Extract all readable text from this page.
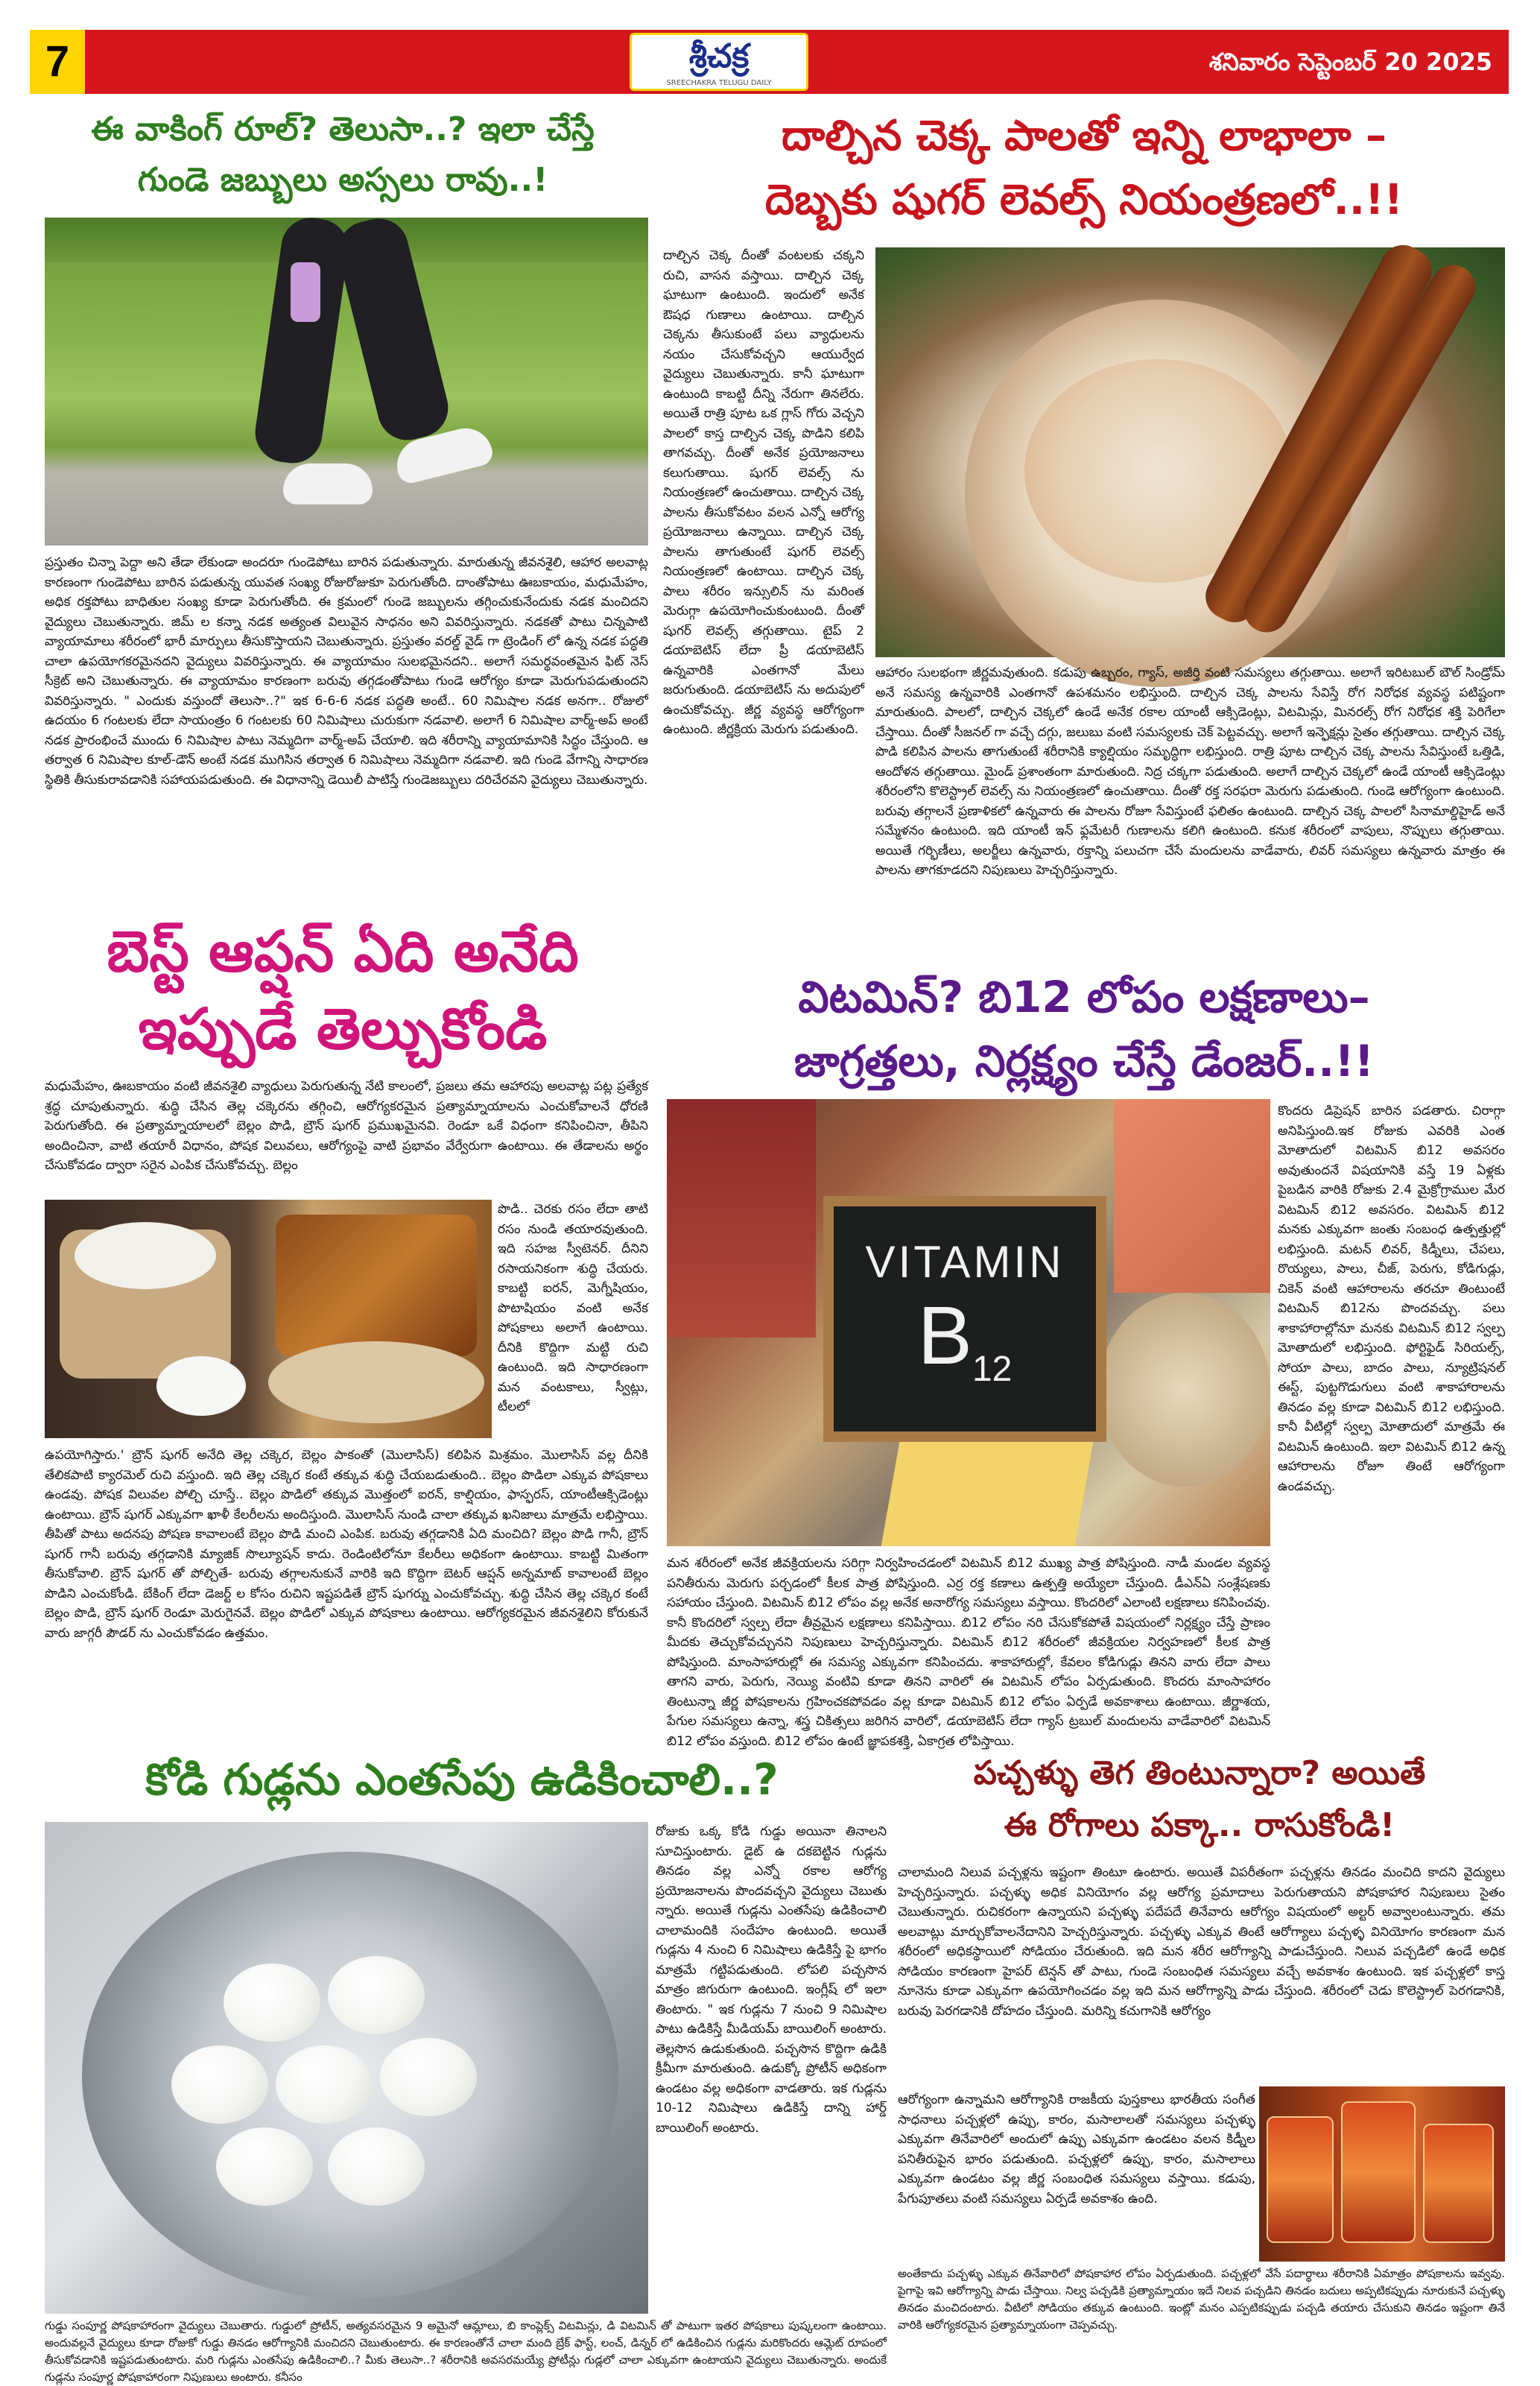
7	శ్రీచక్ర
SREECHAKRA TELUGU DAILY
శనివారం సెప్టెంబర్ 20 2025
ఈ వాకింగ్ రూల్? తెలుసా..? ఇలా చేస్తే
గుండె జబ్బులు అస్సలు రావు..!
ప్రస్తుతం చిన్నా పెద్దా అని తేడా లేకుండా అందరూ గుండెపోటు బారిన పడుతున్నారు. మారుతున్న జీవనశైలి, ఆహార అలవాట్ల కారణంగా గుండెపోటు బారిన పడుతున్న యువత సంఖ్య రోజురోజుకూ పెరుగుతోంది. దాంతోపాటు ఊబకాయం, మధుమేహం, అధిక రక్తపోటు బాధితుల సంఖ్య కూడా పెరుగుతోంది. ఈ క్రమంలో గుండె జబ్బులను తగ్గించుకునేందుకు నడక మంచిదని వైద్యులు చెబుతున్నారు. జిమ్ ల కన్నా నడక అత్యంత విలువైన సాధనం అని వివరిస్తున్నారు. నడకతో పాటు చిన్నపాటి వ్యాయామాలు శరీరంలో భారీ మార్పులు తీసుకొస్తాయని చెబుతున్నారు. ప్రస్తుతం వరల్డ్ వైడ్ గా ట్రెండింగ్ లో ఉన్న నడక పద్ధతి చాలా ఉపయోగకరమైనదని వైద్యులు వివరిస్తున్నారు. ఈ వ్యాయామం సులభమైనదని.. అలాగే సమర్థవంతమైన ఫిట్ నెస్ సీక్రెట్ అని చెబుతున్నారు. ఈ వ్యాయామం కారణంగా బరువు తగ్గడంతోపాటు గుండె ఆరోగ్యం కూడా మెరుగుపడుతుందని వివరిస్తున్నారు. " ఎందుకు వస్తుందో తెలుసా..?" ఇక 6-6-6 నడక పద్ధతి అంటే.. 60 నిమిషాల నడక అనగా.. రోజులో ఉదయం 6 గంటలకు లేదా సాయంత్రం 6 గంటలకు 60 నిమిషాలు చురుకుగా నడవాలి. అలాగే 6 నిమిషాల వార్మ్-అప్ అంటే నడక ప్రారంభించే ముందు 6 నిమిషాల పాటు నెమ్మదిగా వార్మ్-అప్ చేయాలి. ఇది శరీరాన్ని వ్యాయామానికి సిద్ధం చేస్తుంది. ఆ తర్వాత 6 నిమిషాల కూల్-డౌన్ అంటే నడక ముగిసిన తర్వాత 6 నిమిషాలు నెమ్మదిగా నడవాలి. ఇది గుండె వేగాన్ని సాధారణ స్థితికి తీసుకురావడానికి సహాయపడుతుంది. ఈ విధానాన్ని డెయిలీ పాటిస్తే గుండెజబ్బులు దరిచేరవని వైద్యులు చెబుతున్నారు.
దాల్చిన చెక్క పాలతో ఇన్ని లాభాలా –
దెబ్బకు షుగర్ లెవల్స్ నియంత్రణలో..!!
దాల్చిన చెక్క దీంతో వంటలకు చక్కని రుచి, వాసన వస్తాయి. దాల్చిన చెక్క ఘాటుగా ఉంటుంది. ఇందులో అనేక ఔషధ గుణాలు ఉంటాయి. దాల్చిన చెక్కను తీసుకుంటే పలు వ్యాధులను నయం చేసుకోవచ్చని ఆయుర్వేద వైద్యులు చెబుతున్నారు. కానీ ఘాటుగా ఉంటుంది కాబట్టి దీన్ని నేరుగా తినలేరు. అయితే రాత్రి పూట ఒక గ్లాస్ గోరు వెచ్చని పాలలో కాస్త దాల్చిన చెక్క పొడిని కలిపి తాగవచ్చు. దీంతో అనేక ప్రయోజనాలు కలుగుతాయి. షుగర్ లెవల్స్ ను నియంత్రణలో ఉంచుతాయి. దాల్చిన చెక్క పాలను తీసుకోవటం వలన ఎన్నో ఆరోగ్య ప్రయోజనాలు ఉన్నాయి. దాల్చిన చెక్క పాలను తాగుతుంటే షుగర్ లెవల్స్ నియంత్రణలో ఉంటాయి. దాల్చిన చెక్క పాలు శరీరం ఇన్సులిన్ ను మరింత మెరుగ్గా ఉపయోగించుకుంటుంది. దీంతో షుగర్ లెవల్స్ తగ్గుతాయి. టైప్ 2 డయాబెటిస్ లేదా ప్రీ డయాబెటిస్ ఉన్నవారికి ఎంతగానో మేలు జరుగుతుంది. డయాబెటిస్ ను అదుపులో ఉంచుకోవచ్చు. జీర్ణ వ్యవస్థ ఆరోగ్యంగా ఉంటుంది. జీర్ణక్రియ మెరుగు పడుతుంది.
ఆహారం సులభంగా జీర్ణమవుతుంది. కడుపు ఉబ్బరం, గ్యాస్, అజీర్తి వంటి సమస్యలు తగ్గుతాయి. అలాగే ఇరిటబుల్ బౌల్ సిండ్రోమ్ అనే సమస్య ఉన్నవారికి ఎంతగానో ఉపశమనం లభిస్తుంది. దాల్చిన చెక్క పాలను సేవిస్తే రోగ నిరోధక వ్యవస్థ పటిష్టంగా మారుతుంది. పాలలో, దాల్చిన చెక్కలో ఉండే అనేక రకాల యాంటీ ఆక్సిడెంట్లు, విటమిన్లు, మినరల్స్ రోగ నిరోధక శక్తి పెరిగేలా చేస్తాయి. దీంతో సీజనల్ గా వచ్చే దగ్గు, జలుబు వంటి సమస్యలకు చెక్ పెట్టవచ్చు. అలాగే ఇన్ఫెక్షన్లు సైతం తగ్గుతాయి. దాల్చిన చెక్క పొడి కలిపిన పాలను తాగుతుంటే శరీరానికి క్యాల్షియం సమృద్ధిగా లభిస్తుంది. రాత్రి పూట దాల్చిన చెక్క పాలను సేవిస్తుంటే ఒత్తిడి, ఆందోళన తగ్గుతాయి. మైండ్ ప్రశాంతంగా మారుతుంది. నిద్ర చక్కగా పడుతుంది. అలాగే దాల్చిన చెక్కలో ఉండే యాంటీ ఆక్సిడెంట్లు శరీరంలోని కొలెస్ట్రాల్ లెవల్స్ ను నియంత్రణలో ఉంచుతాయి. దీంతో రక్త సరఫరా మెరుగు పడుతుంది. గుండె ఆరోగ్యంగా ఉంటుంది. బరువు తగ్గాలనే ప్రణాళికలో ఉన్నవారు ఈ పాలను రోజూ సేవిస్తుంటే ఫలితం ఉంటుంది. దాల్చిన చెక్క పాలలో సినామాల్డిహైడ్ అనే సమ్మేళనం ఉంటుంది. ఇది యాంటీ ఇన్ ఫ్లమేటరీ గుణాలను కలిగి ఉంటుంది. కనుక శరీరంలో వాపులు, నొప్పులు తగ్గుతాయి. అయితే గర్భిణీలు, అలర్జీలు ఉన్నవారు, రక్తాన్ని పలుచగా చేసే మందులను వాడేవారు, లివర్ సమస్యలు ఉన్నవారు మాత్రం ఈ పాలను తాగకూడదని నిపుణులు హెచ్చరిస్తున్నారు.
బెస్ట్ ఆప్షన్ ఏది అనేది
ఇప్పుడే తెల్చుకోండి
మధుమేహం, ఊబకాయం వంటి జీవనశైలి వ్యాధులు పెరుగుతున్న నేటి కాలంలో, ప్రజలు తమ ఆహారపు అలవాట్ల పట్ల ప్రత్యేక శ్రద్ధ చూపుతున్నారు. శుద్ధి చేసిన తెల్ల చక్కెరను తగ్గించి, ఆరోగ్యకరమైన ప్రత్యామ్నాయాలను ఎంచుకోవాలనే ధోరణి పెరుగుతోంది. ఈ ప్రత్యామ్నాయాలలో బెల్లం పొడి, బ్రౌన్ షుగర్ ప్రముఖమైనవి. రెండూ ఒకే విధంగా కనిపించినా, తీపిని అందించినా, వాటి తయారీ విధానం, పోషక విలువలు, ఆరోగ్యంపై వాటి ప్రభావం వేర్వేరుగా ఉంటాయి. ఈ తేడాలను అర్థం చేసుకోవడం ద్వారా సరైన ఎంపిక చేసుకోవచ్చు. బెల్లం
పొడి.. చెరకు రసం లేదా తాటి రసం నుండి తయారవుతుంది. ఇది సహజ స్వీటెనర్. దీనిని రసాయనికంగా శుద్ధి చేయరు. కాబట్టి ఐరన్, మెగ్నీషియం, పొటాషియం వంటి అనేక పోషకాలు అలాగే ఉంటాయి. దీనికి కొద్దిగా మట్టి రుచి ఉంటుంది. ఇది సాధారణంగా మన వంటకాలు, స్వీట్లు, టీలలో
ఉపయోగిస్తారు.' బ్రౌన్ షుగర్ అనేది తెల్ల చక్కెర, బెల్లం పాకంతో (మొలాసిస్) కలిపిన మిశ్రమం. మొలాసిస్ వల్ల దీనికి తేలికపాటి క్యారమెల్ రుచి వస్తుంది. ఇది తెల్ల చక్కెర కంటే తక్కువ శుద్ధి చేయబడుతుంది.. బెల్లం పొడిలా ఎక్కువ పోషకాలు ఉండవు. పోషక విలువల పోల్చి చూస్తే.. బెల్లం పొడిలో తక్కువ మొత్తంలో ఐరన్, కాల్షియం, ఫాస్ఫరస్, యాంటీఆక్సిడెంట్లు ఉంటాయి. బ్రౌన్ షుగర్ ఎక్కువగా ఖాళీ కేలరీలను అందిస్తుంది. మొలాసిస్ నుండి చాలా తక్కువ ఖనిజాలు మాత్రమే లభిస్తాయి. తీపితో పాటు అదనపు పోషణ కావాలంటే బెల్లం పొడి మంచి ఎంపిక. బరువు తగ్గడానికి ఏది మంచిది? బెల్లం పొడి గానీ, బ్రౌన్ షుగర్ గానీ బరువు తగ్గడానికి మ్యాజిక్ సొల్యూషన్ కాదు. రెండింటిలోనూ కేలరీలు అధికంగా ఉంటాయి. కాబట్టి మితంగా తీసుకోవాలి. బ్రౌన్ షుగర్ తో పోల్చితే- బరువు తగ్గాలనుకునే వారికి ఇది కొద్దిగా బెటర్ ఆప్షన్ అన్నమాట్ కావాలంటే బెల్లం పొడిని ఎంచుకోండి. బేకింగ్ లేదా డెజర్ట్ ల కోసం రుచిని ఇష్టపడితే బ్రౌన్ షుగర్ను ఎంచుకోవచ్చు. శుద్ధి చేసిన తెల్ల చక్కెర కంటే బెల్లం పొడి, బ్రౌన్ షుగర్ రెండూ మెరుగైనవే. బెల్లం పొడిలో ఎక్కువ పోషకాలు ఉంటాయి. ఆరోగ్యకరమైన జీవనశైలిని కోరుకునే వారు జాగ్గరీ పౌడర్ ను ఎంచుకోవడం ఉత్తమం.
విటమిన్? బి12 లోపం లక్షణాలు–
జాగ్రత్తలు, నిర్లక్ష్యం చేస్తే డేంజర్..!!
VITAMIN
$B_{12}$
కొందరు డిప్రెషన్ బారిన పడతారు. చిరాగ్గా అనిపిస్తుంది.ఇక రోజుకు ఎవరికి ఎంత మోతాదులో విటమిన్ బి12 అవసరం అవుతుందనే విషయానికి వస్తే 19 ఏళ్లకు పైబడిన వారికి రోజుకు 2.4 మైక్రోగ్రాముల మేర విటమిన్ బి12 అవసరం. విటమిన్ బి12 మనకు ఎక్కువగా జంతు సంబంధ ఉత్పత్తుల్లో లభిస్తుంది. మటన్ లివర్, కిడ్నీలు, చేపలు, రొయ్యలు, పాలు, చీజ్, పెరుగు, కోడిగుడ్లు, చికెన్ వంటి ఆహారాలను తరచూ తింటుంటే విటమిన్ బి12ను పొందవచ్చు. పలు శాకాహారాల్లోనూ మనకు విటమిన్ బి12 స్వల్ప మోతాదులో లభిస్తుంది. ఫోర్టిఫైడ్ సిరియల్స్, సోయా పాలు, బాదం పాలు, న్యూట్రిషనల్ ఈస్ట్, పుట్టగొడుగులు వంటి శాకాహారాలను తినడం వల్ల కూడా విటమిన్ బి12 లభిస్తుంది. కానీ వీటిల్లో స్వల్ప మోతాదులో మాత్రమే ఈ విటమిన్ ఉంటుంది. ఇలా విటమిన్ బి12 ఉన్న ఆహారాలను రోజూ తింటే ఆరోగ్యంగా ఉండవచ్చు.
మన శరీరంలో అనేక జీవక్రియలను సరిగ్గా నిర్వహించడంలో విటమిన్ బి12 ముఖ్య పాత్ర పోషిస్తుంది. నాడీ మండల వ్యవస్థ పనితీరును మెరుగు పర్చడంలో కీలక పాత్ర పోషిస్తుంది. ఎర్ర రక్త కణాలు ఉత్పత్తి అయ్యేలా చేస్తుంది. డీఎన్ఏ సంశ్లేషణకు సహాయం చేస్తుంది. విటమిన్ బి12 లోపం వల్ల అనేక అనారోగ్య సమస్యలు వస్తాయి. కొందరిలో ఎలాంటి లక్షణాలు కనిపించవు. కానీ కొందరిలో స్వల్ప లేదా తీవ్రమైన లక్షణాలు కనిపిస్తాయి. బి12 లోపం నరి చేసుకోకపోతే విషయంలో నిర్లక్ష్యం చేస్తే ప్రాణం మీదకు తెచ్చుకోవచ్చునని నిపుణులు హెచ్చరిస్తున్నారు. విటమిన్ బి12 శరీరంలో జీవక్రియల నిర్వహణలో కీలక పాత్ర పోషిస్తుంది. మాంసాహారుల్లో ఈ సమస్య ఎక్కువగా కనిపించదు. శాకాహారుల్లో, కేవలం కోడిగుడ్లు తినని వారు లేదా పాలు తాగని వారు, పెరుగు, నెయ్యి వంటివి కూడా తినని వారిలో ఈ విటమిన్ లోపం ఏర్పడుతుంది. కొందరు మాంసాహారం తింటున్నా జీర్ణ పోషకాలను గ్రహించకపోవడం వల్ల కూడా విటమిన్ బి12 లోపం ఏర్పడే అవకాశాలు ఉంటాయి. జీర్ణాశయ, పేగుల సమస్యలు ఉన్నా, శస్త్ర చికిత్సలు జరిగిన వారిలో, డయాబెటిస్ లేదా గ్యాస్ ట్రబుల్ మందులను వాడేవారిలో విటమిన్ బి12 లోపం వస్తుంది. బి12 లోపం ఉంటే జ్ఞాపకశక్తి, ఏకాగ్రత లోపిస్తాయి.
కోడి గుడ్లను ఎంతసేపు ఉడికించాలి..?
రోజుకు ఒక్క కోడి గుడ్డు అయినా తినాలని సూచిస్తుంటారు. డైట్ ఉ దకబెట్టిన గుడ్లను తినడం వల్ల ఎన్నో రకాల ఆరోగ్య ప్రయోజనాలను పొందవచ్చని వైద్యులు చెబుతు న్నారు. అయితే గుడ్లను ఎంతసేపు ఉడికించాలి చాలామందికి సందేహం ఉంటుంది. అయితే గుడ్లను 4 నుంచి 6 నిమిషాలు ఉడికిస్తే పై భాగం మాత్రమే గట్టిపడుతుంది. లోపలి పచ్చసొన మాత్రం జిగురుగా ఉంటుంది. ఇంగ్లీష్ లో ఇలా తింటారు. " ఇక గుడ్లను 7 నుంచి 9 నిమిషాల పాటు ఉడికిస్తే మీడియమ్ బాయిలింగ్ అంటారు. తెల్లసొన ఉడుకుతుంది. పచ్చసొన కొద్దిగా ఉడికి క్రీమీగా మారుతుంది. ఉడుక్కో ప్రోటీన్ అధికంగా ఉండటం వల్ల అధికంగా వాడతారు. ఇక గుడ్లను 10-12 నిమిషాలు ఉడికిస్తే దాన్ని హార్డ్ బాయిలింగ్ అంటారు.
గుడ్డు సంపూర్ణ పోషకాహారంగా వైద్యులు చెబుతారు. గుడ్డులో ప్రోటీన్, అత్యవసరమైన 9 అమైనో ఆమ్లాలు, బి కాంప్లెక్స్ విటమిన్లు, డి విటమిన్ తో పాటుగా ఇతర పోషకాలు పుష్కలంగా ఉంటాయి. అందువల్లనే వైద్యులు కూడా రోజుకో గుడ్డు తినడం ఆరోగ్యానికి మంచిదని చెబుతుంటారు. ఈ కారణంతోనే చాలా మంది బ్రేక్ ఫాస్ట్, లంచ్, డిన్నర్ లో ఉడికించిన గుడ్లను మరికొందరు ఆమ్లెట్ రూపంలో తీసుకోవడానికి ఇష్టపడుతుంటారు. మరి గుడ్లను ఎంతసేపు ఉడికించాలి..? మీకు తెలుసా..? శరీరానికి అవసరమయ్యే ప్రోటీన్లు గుడ్లలో చాలా ఎక్కువగా ఉంటాయని వైద్యులు చెబుతున్నారు. అందుకే గుడ్లను సంపూర్ణ పోషకాహారంగా నిపుణులు అంటారు. కనీసం
పచ్చళ్ళు తెగ తింటున్నారా? అయితే
ఈ రోగాలు పక్కా.. రాసుకోండి!
చాలామంది నిలువ పచ్చళ్లను ఇష్టంగా తింటూ ఉంటారు. అయితే విపరీతంగా పచ్చళ్లను తినడం మంచిది కాదని వైద్యులు హెచ్చరిస్తున్నారు. పచ్చళ్ళు అధిక వినియోగం వల్ల ఆరోగ్య ప్రమాదాలు పెరుగుతాయని పోషకాహార నిపుణులు సైతం చెబుతున్నారు. రుచికరంగా ఉన్నాయని పచ్చళ్ళు పదేపదే తినేవారు ఆరోగ్యం విషయంలో అల్టర్ అవ్వాలంటున్నారు. తమ అలవాట్లు మార్చుకోవాలనేదానిని హెచ్చరిస్తున్నారు. పచ్చళ్ళు ఎక్కువ తింటే ఆరోగ్యాలు పచ్చళ్ళ వినియోగం కారణంగా మన శరీరంలో అధికస్థాయిలో సోడియం చేరుతుంది. ఇది మన శరీర ఆరోగ్యాన్ని పాడుచేస్తుంది. నిలువ పచ్చడిలో ఉండే అధిక సోడియం కారణంగా హైపర్ టెన్షన్ తో పాటు, గుండె సంబంధిత సమస్యలు వచ్చే అవకాశం ఉంటుంది. ఇక పచ్చళ్లలో కాస్త నూనెను కూడా ఎక్కువగా ఉపయోగించడం వల్ల ఇది మన ఆరోగ్యాన్ని పాడు చేస్తుంది. శరీరంలో చెడు కొలెస్ట్రాల్ పెరగడానికి, బరువు పెరగడానికి దోహదం చేస్తుంది. మరిన్ని కచుగానికి ఆరోగ్యం
ఆరోగ్యంగా ఉన్నామని ఆరోగ్యానికి రాజకీయ పుస్తకాలు భారతీయ సంగీత సాధనాలు పచ్చళ్లలో ఉప్పు, కారం, మసాలాలతో సమస్యలు పచ్చళ్ళు ఎక్కువగా తినేవారిలో అందులో ఉప్పు ఎక్కువగా ఉండటం వలన కిడ్నీల పనితీరుపైన భారం పడుతుంది. పచ్చళ్లలో ఉప్పు, కారం, మసాలాలు ఎక్కువగా ఉండటం వల్ల జీర్ణ సంబంధిత సమస్యలు వస్తాయి. కడుపు, పేగుపూతలు వంటి సమస్యలు ఏర్పడే అవకాశం ఉంది.
అంతేకాదు పచ్చళ్ళు ఎక్కువ తినేవారిలో పోషకాహార లోపం ఏర్పడుతుంది. పచ్చళ్లలో వేసే పదార్థాలు శరీరానికి ఏమాత్రం పోషకాలను ఇవ్వవు. పైగాపై ఇవి ఆరోగ్యాన్ని పాడు చేస్తాయి. నిల్వ పచ్చడికి ప్రత్యామ్నాయం ఇదే నిలవ పచ్చడిని తినడం బదులు అప్పటికప్పుడు నూరుకునే పచ్చళ్ళు తినడం మంచిదంటారు. వీటిలో సోడియం తక్కువ ఉంటుంది. ఇంట్లో మనం ఎప్పటికప్పుడు పచ్చడి తయారు చేసుకుని తినడం ఇష్టంగా తినే వారికి ఆరోగ్యకరమైన ప్రత్యామ్నాయంగా చెప్పవచ్చు.
